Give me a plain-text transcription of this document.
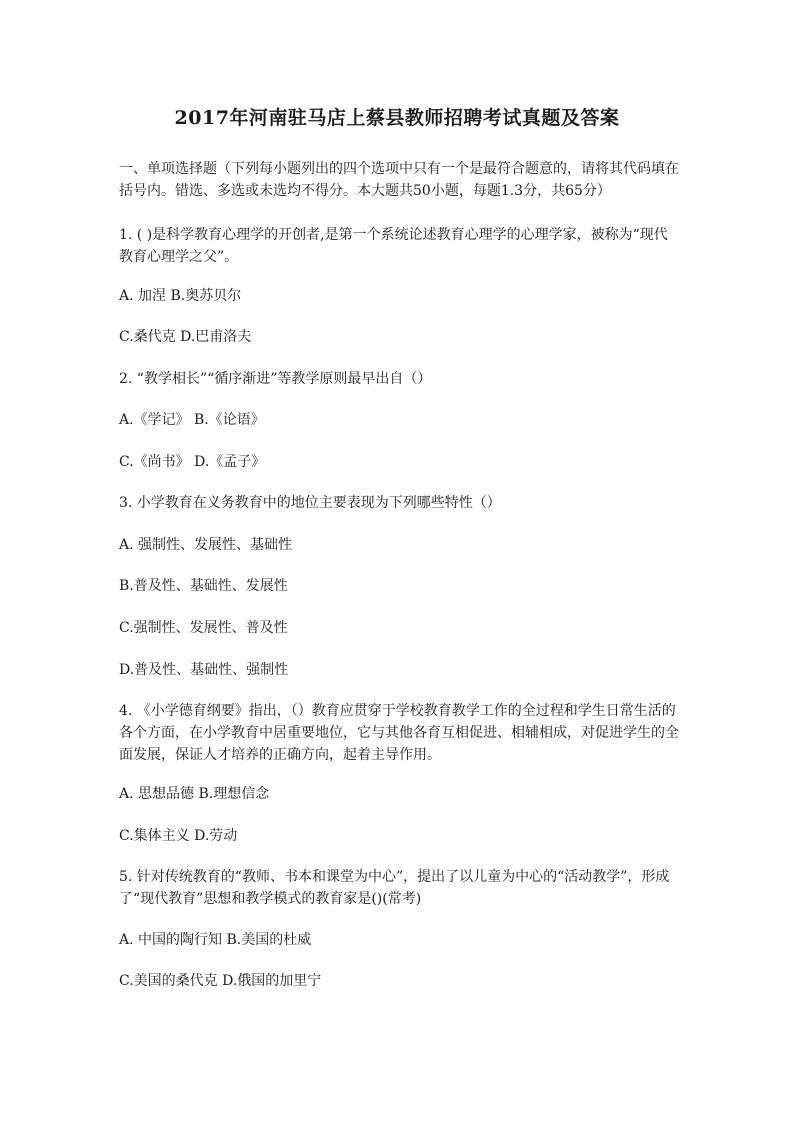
2017年河南驻马店上蔡县教师招聘考试真题及答案

一、单项选择题（下列每小题列出的四个选项中只有一个是最符合题意的，请将其代码填在括号内。错选、多选或未选均不得分。本大题共50小题，每题1.3分，共65分）

1. ( )是科学教育心理学的开创者,是第一个系统论述教育心理学的心理学家，被称为“现代教育心理学之父”。

A. 加涅 B.奥苏贝尔

C.桑代克 D.巴甫洛夫

2. “教学相长”“循序渐进”等教学原则最早出自（）

A.《学记》 B.《论语》

C.《尚书》 D.《孟子》

3. 小学教育在义务教育中的地位主要表现为下列哪些特性（）

A. 强制性、发展性、基础性

B.普及性、基础性、发展性

C.强制性、发展性、普及性

D.普及性、基础性、强制性

4. 《小学德育纲要》指出，（）教育应贯穿于学校教育教学工作的全过程和学生日常生活的各个方面，在小学教育中居重要地位，它与其他各育互相促进、相辅相成，对促进学生的全面发展，保证人才培养的正确方向，起着主导作用。

A. 思想品德 B.理想信念

C.集体主义 D.劳动

5. 针对传统教育的“教师、书本和课堂为中心”，提出了以儿童为中心的“活动教学”，形成了“现代教育”思想和教学模式的教育家是()(常考)

A. 中国的陶行知 B.美国的杜威

C.美国的桑代克 D.俄国的加里宁
